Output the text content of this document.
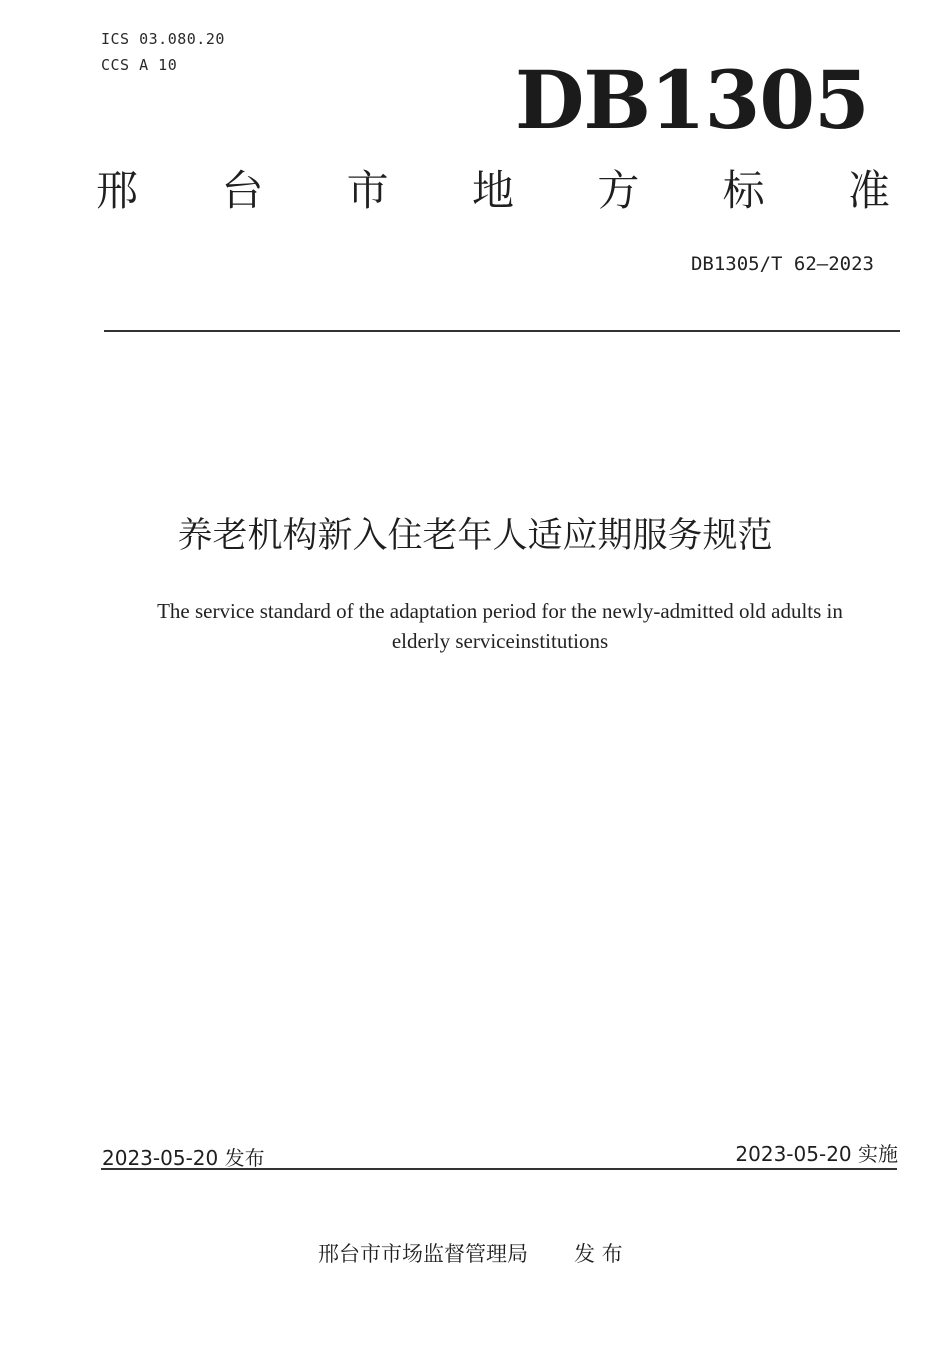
ICS 03.080.20
CCS A 10	DB1305
邢 台 市 地 方 标 准
DB1305/T 62—2023
养老机构新入住老年人适应期服务规范
The service standard of the adaptation period for the newly-admitted old adults in
elderly serviceinstitutions
2023-05-20 发布	2023-05-20 实施
邢台市市场监督管理局 发 布
